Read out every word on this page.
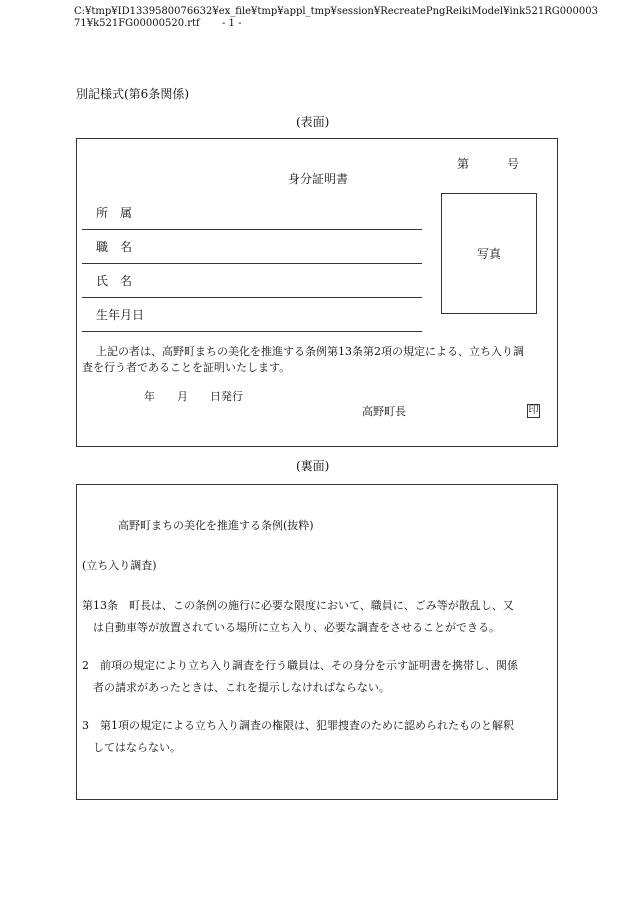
C:¥tmp¥ID1339580076632¥ex_file¥tmp¥appl_tmp¥session¥RecreatePngReikiModel¥ink521RG000003
71¥k521FG00000520.rtf - 1 -
別記様式(第6条関係)
(表面)
第	号
身分証明書
所　属
職　名
氏　名
生年月日
写真
上記の者は、高野町まちの美化を推進する条例第13条第2項の規定による、立ち入り調
査を行う者であることを証明いたします。
年　　月　　日発行
高野町長	印
(裏面)
高野町まちの美化を推進する条例(抜粋)
(立ち入り調査)
第13条　町長は、この条例の施行に必要な限度において、職員に、ごみ等が散乱し、又
は自動車等が放置されている場所に立ち入り、必要な調査をさせることができる。
2　前項の規定により立ち入り調査を行う職員は、その身分を示す証明書を携帯し、関係
者の請求があったときは、これを提示しなければならない。
3　第1項の規定による立ち入り調査の権限は、犯罪捜査のために認められたものと解釈
してはならない。
